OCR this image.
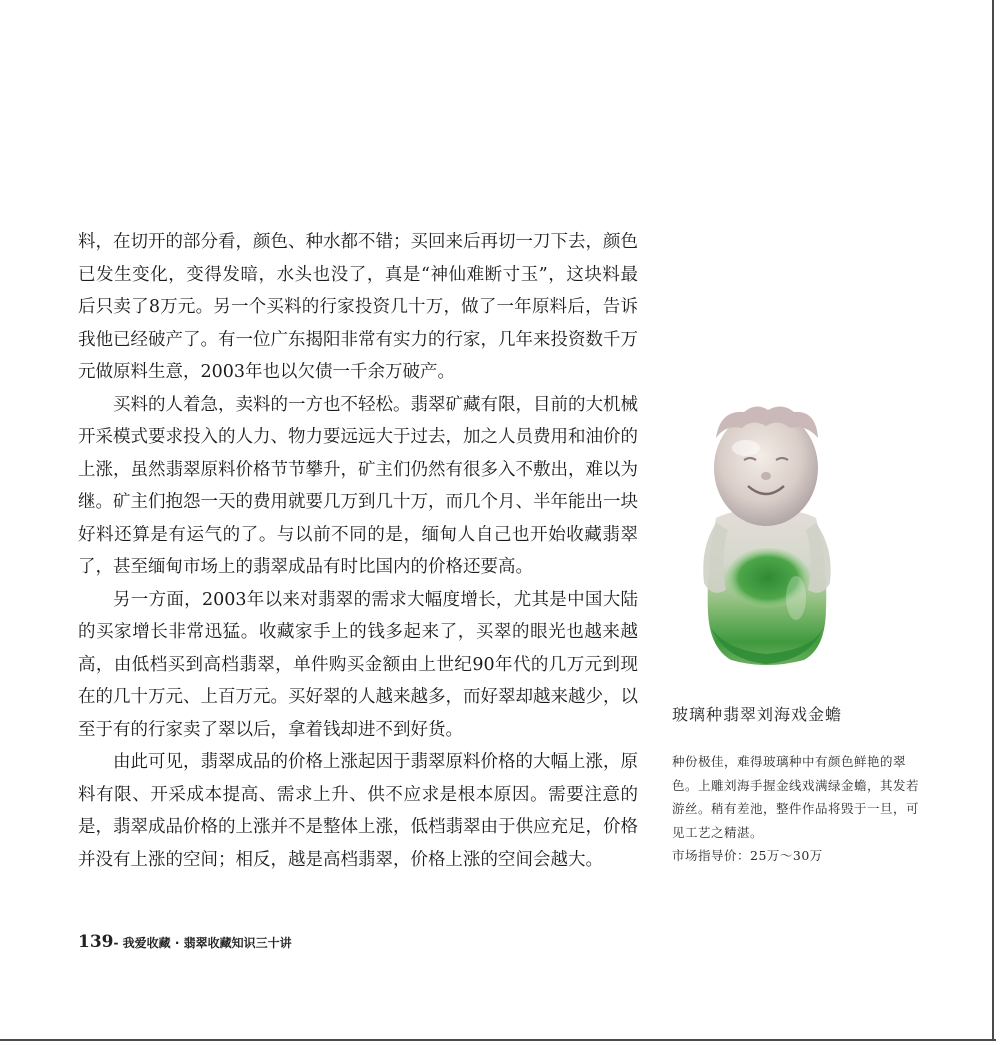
料，在切开的部分看，颜色、种水都不错；买回来后再切一刀下去，颜色已发生变化，变得发暗，水头也没了，真是“神仙难断寸玉”，这块料最后只卖了8万元。另一个买料的行家投资几十万，做了一年原料后，告诉我他已经破产了。有一位广东揭阳非常有实力的行家，几年来投资数千万元做原料生意，2003年也以欠债一千余万破产。

买料的人着急，卖料的一方也不轻松。翡翠矿藏有限，目前的大机械开采模式要求投入的人力、物力要远远大于过去，加之人员费用和油价的上涨，虽然翡翠原料价格节节攀升，矿主们仍然有很多入不敷出，难以为继。矿主们抱怨一天的费用就要几万到几十万，而几个月、半年能出一块好料还算是有运气的了。与以前不同的是，缅甸人自己也开始收藏翡翠了，甚至缅甸市场上的翡翠成品有时比国内的价格还要高。

另一方面，2003年以来对翡翠的需求大幅度增长，尤其是中国大陆的买家增长非常迅猛。收藏家手上的钱多起来了，买翠的眼光也越来越高，由低档买到高档翡翠，单件购买金额由上世纪90年代的几万元到现在的几十万元、上百万元。买好翠的人越来越多，而好翠却越来越少，以至于有的行家卖了翠以后，拿着钱却进不到好货。

由此可见，翡翠成品的价格上涨起因于翡翠原料价格的大幅上涨，原料有限、开采成本提高、需求上升、供不应求是根本原因。需要注意的是，翡翠成品价格的上涨并不是整体上涨，低档翡翠由于供应充足，价格并没有上涨的空间；相反，越是高档翡翠，价格上涨的空间会越大。

玻璃种翡翠刘海戏金蟾

种份极佳，难得玻璃种中有颜色鲜艳的翠色。上雕刘海手握金线戏满绿金蟾，其发若游丝。稍有差池，整件作品将毁于一旦，可见工艺之精湛。

市场指导价：25万～30万

139- 我爱收藏 · 翡翠收藏知识三十讲
